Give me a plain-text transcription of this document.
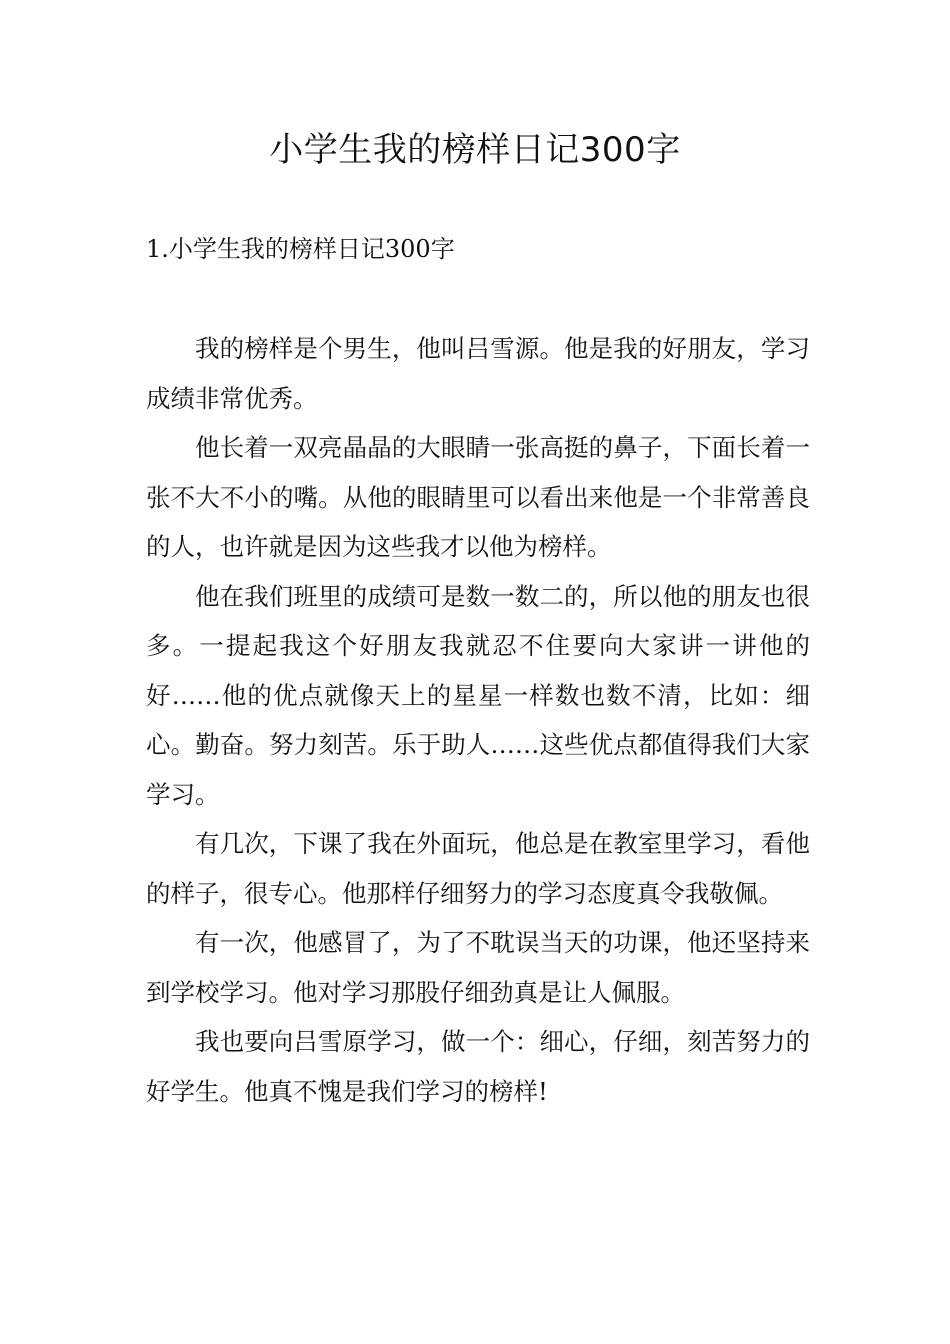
小学生我的榜样日记300字
1.小学生我的榜样日记300字

我的榜样是个男生，他叫吕雪源。他是我的好朋友，学习成绩非常优秀。

他长着一双亮晶晶的大眼睛一张高挺的鼻子，下面长着一张不大不小的嘴。从他的眼睛里可以看出来他是一个非常善良的人，也许就是因为这些我才以他为榜样。

他在我们班里的成绩可是数一数二的，所以他的朋友也很多。一提起我这个好朋友我就忍不住要向大家讲一讲他的好……他的优点就像天上的星星一样数也数不清，比如：细心。勤奋。努力刻苦。乐于助人……这些优点都值得我们大家学习。

有几次，下课了我在外面玩，他总是在教室里学习，看他的样子，很专心。他那样仔细努力的学习态度真令我敬佩。

有一次，他感冒了，为了不耽误当天的功课，他还坚持来到学校学习。他对学习那股仔细劲真是让人佩服。

我也要向吕雪原学习，做一个：细心，仔细，刻苦努力的好学生。他真不愧是我们学习的榜样!
